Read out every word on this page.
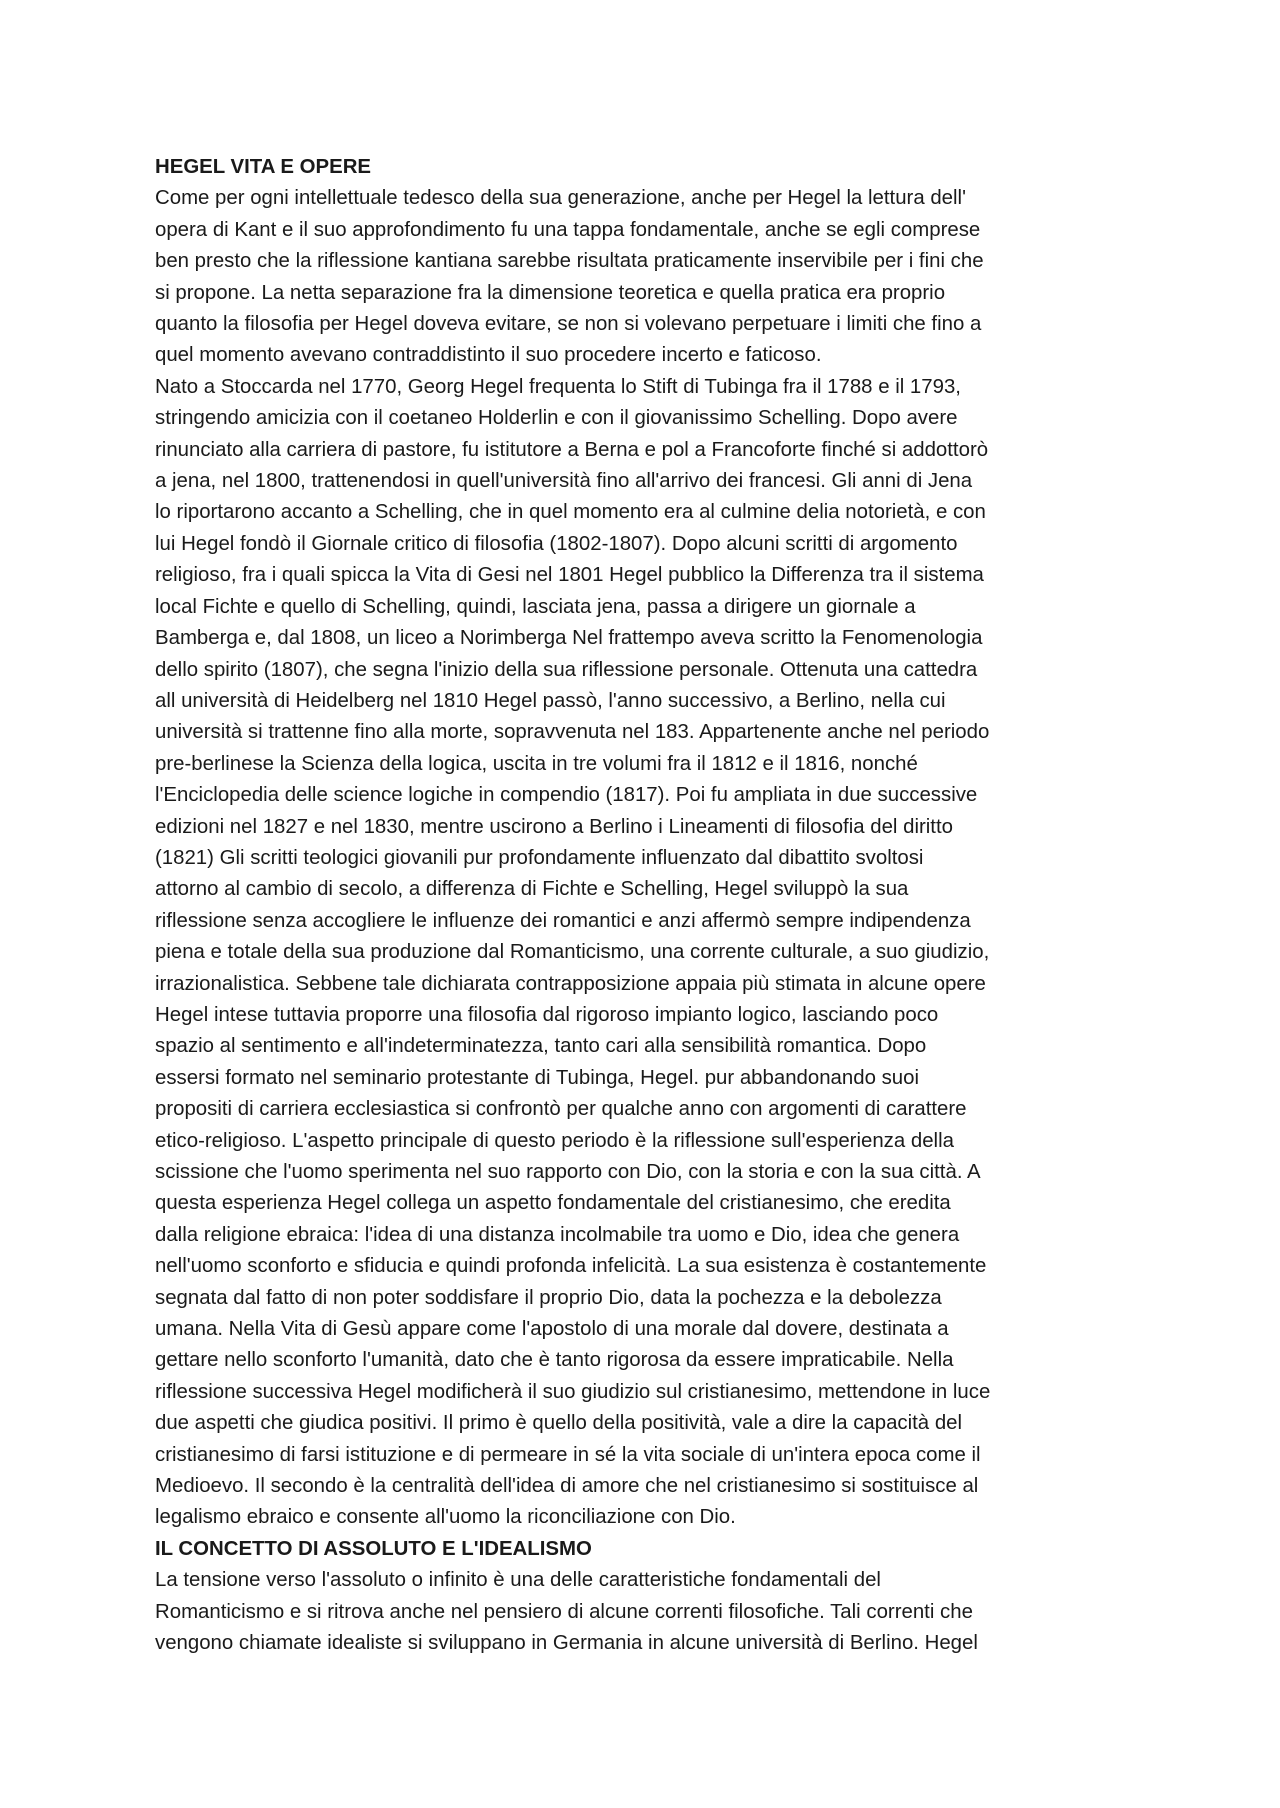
HEGEL VITA E OPERE

Come per ogni intellettuale tedesco della sua generazione, anche per Hegel la lettura dell'
opera di Kant e il suo approfondimento fu una tappa fondamentale, anche se egli comprese
ben presto che la riflessione kantiana sarebbe risultata praticamente inservibile per i fini che
si propone. La netta separazione fra la dimensione teoretica e quella pratica era proprio
quanto la filosofia per Hegel doveva evitare, se non si volevano perpetuare i limiti che fino a
quel momento avevano contraddistinto il suo procedere incerto e faticoso.

Nato a Stoccarda nel 1770, Georg Hegel frequenta lo Stift di Tubinga fra il 1788 e il 1793,
stringendo amicizia con il coetaneo Holderlin e con il giovanissimo Schelling. Dopo avere
rinunciato alla carriera di pastore, fu istitutore a Berna e pol a Francoforte finché si addottorò
a jena, nel 1800, trattenendosi in quell'università fino all'arrivo dei francesi. Gli anni di Jena
lo riportarono accanto a Schelling, che in quel momento era al culmine delia notorietà, e con
lui Hegel fondò il Giornale critico di filosofia (1802-1807). Dopo alcuni scritti di argomento
religioso, fra i quali spicca la Vita di Gesi nel 1801 Hegel pubblico la Differenza tra il sistema
local Fichte e quello di Schelling, quindi, lasciata jena, passa a dirigere un giornale a
Bamberga e, dal 1808, un liceo a Norimberga Nel frattempo aveva scritto la Fenomenologia
dello spirito (1807), che segna l'inizio della sua riflessione personale. Ottenuta una cattedra
all università di Heidelberg nel 1810 Hegel passò, l'anno successivo, a Berlino, nella cui
università si trattenne fino alla morte, sopravvenuta nel 183. Appartenente anche nel periodo
pre-berlinese la Scienza della logica, uscita in tre volumi fra il 1812 e il 1816, nonché
l'Enciclopedia delle science logiche in compendio (1817). Poi fu ampliata in due successive
edizioni nel 1827 e nel 1830, mentre uscirono a Berlino i Lineamenti di filosofia del diritto
(1821) Gli scritti teologici giovanili pur profondamente influenzato dal dibattito svoltosi
attorno al cambio di secolo, a differenza di Fichte e Schelling, Hegel sviluppò la sua
riflessione senza accogliere le influenze dei romantici e anzi affermò sempre indipendenza
piena e totale della sua produzione dal Romanticismo, una corrente culturale, a suo giudizio,
irrazionalistica. Sebbene tale dichiarata contrapposizione appaia più stimata in alcune opere
Hegel intese tuttavia proporre una filosofia dal rigoroso impianto logico, lasciando poco
spazio al sentimento e all'indeterminatezza, tanto cari alla sensibilità romantica. Dopo
essersi formato nel seminario protestante di Tubinga, Hegel. pur abbandonando suoi
propositi di carriera ecclesiastica si confrontò per qualche anno con argomenti di carattere
etico-religioso. L'aspetto principale di questo periodo è la riflessione sull'esperienza della
scissione che l'uomo sperimenta nel suo rapporto con Dio, con la storia e con la sua città. A
questa esperienza Hegel collega un aspetto fondamentale del cristianesimo, che eredita
dalla religione ebraica: l'idea di una distanza incolmabile tra uomo e Dio, idea che genera
nell'uomo sconforto e sfiducia e quindi profonda infelicità. La sua esistenza è costantemente
segnata dal fatto di non poter soddisfare il proprio Dio, data la pochezza e la debolezza
umana. Nella Vita di Gesù appare come l'apostolo di una morale dal dovere, destinata a
gettare nello sconforto l'umanità, dato che è tanto rigorosa da essere impraticabile. Nella
riflessione successiva Hegel modificherà il suo giudizio sul cristianesimo, mettendone in luce
due aspetti che giudica positivi. Il primo è quello della positività, vale a dire la capacità del
cristianesimo di farsi istituzione e di permeare in sé la vita sociale di un'intera epoca come il
Medioevo. Il secondo è la centralità dell'idea di amore che nel cristianesimo si sostituisce al
legalismo ebraico e consente all'uomo la riconciliazione con Dio.

IL CONCETTO DI ASSOLUTO E L'IDEALISMO

La tensione verso l'assoluto o infinito è una delle caratteristiche fondamentali del
Romanticismo e si ritrova anche nel pensiero di alcune correnti filosofiche. Tali correnti che
vengono chiamate idealiste si sviluppano in Germania in alcune università di Berlino. Hegel
